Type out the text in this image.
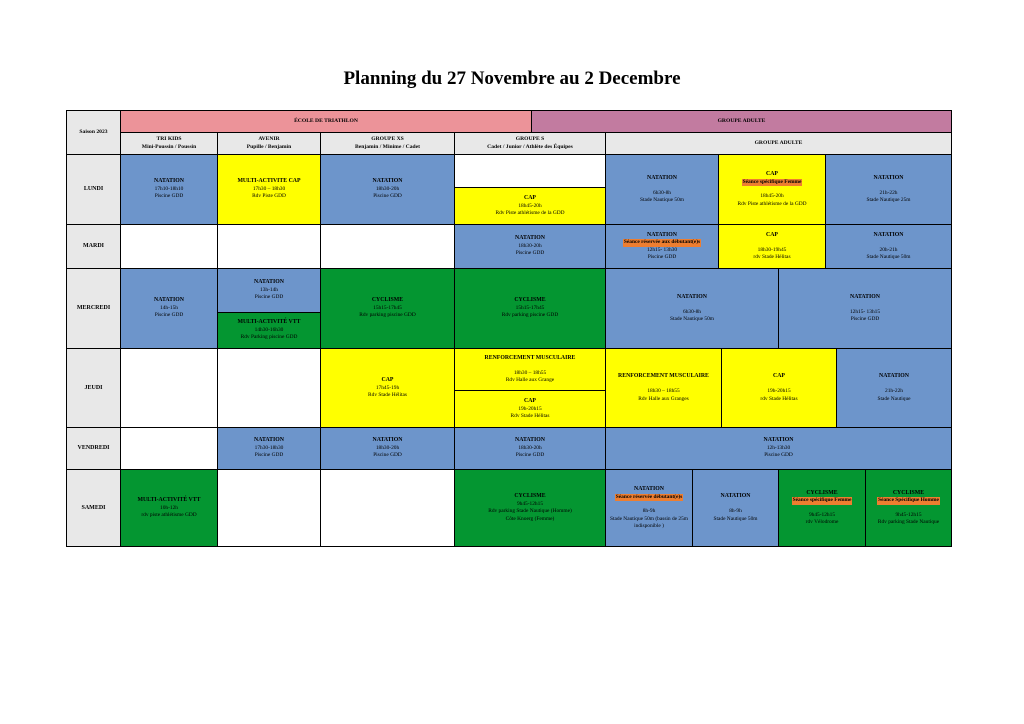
Planning du 27 Novembre au 2 Decembre
Saison 2023
ÉCOLE DE TRIATHLON	GROUPE ADULTE
TRI KIDS
Mini-Poussin / Poussin
AVENIR
Pupille / Benjamin
GROUPE XS
Benjamin / Minime / Cadet
GROUPE S
Cadet / Junior / Athlète des Équipes
GROUPE ADULTE
LUNDI
NATATION
17h10-18h10
Piscine GDD
MULTI-ACTIVITE CAP
17h30 – 18h30
Rdv Piste GDD
NATATION
18h30-20h
Piscine GDD	CAP
18h45-20h
Rdv Piste athlétisme de la GDD
NATATION

6h30-8h
Stade Nautique 50m
CAP
Séance spécifique Femme

18h45-20h
Rdv Piste athlétisme de la GDD
NATATION

21h-22h
Stade Nautique 25m
MARDI
NATATION
18h30-20h
Piscine GDD
NATATION
Séance réservée aux débutant(e)s
12h15- 13h30
Piscine GDD
CAP

18h30-19h45
rdv Stade Hélitas
NATATION

20h-21h
Stade Nautique 50m
MERCREDI
NATATION
14h-15h
Piscine GDD
NATATION
13h-14h
Piscine GDD
MULTI-ACTIVITÉ VTT
14h30-16h30
Rdv Parking piscine GDD
CYCLISME
15h15-17h45
Rdv parking piscine GDD
CYCLISME
15h15-17h45
Rdv parking piscine GDD
NATATION

6h30-8h
Stade Nautique 50m
NATATION

12h15- 13h15
Piscine GDD
JEUDI
CAP
17h45-19h
Rdv Stade Hélitas
RENFORCEMENT MUSCULAIRE

18h30 – 18h55
Rdv Halle aux Grange
CAP
19h-20h15
Rdv Stade Hélitas
RENFORCEMENT MUSCULAIRE

18h30 – 18h55
Rdv Halle aux Granges
CAP

19h-20h15
rdv Stade Hélitas
NATATION

21h-22h
Stade Nautique
VENDREDI
NATATION
17h30-18h30
Piscine GDD
NATATION
18h30-20h
Piscine GDD
NATATION
18h30-20h
Piscine GDD
NATATION
12h-13h30
Piscine GDD
SAMEDI
MULTI-ACTIVITÉ VTT
10h-12h
rdv piste athlétisme GDD
CYCLISME
9h45-12h15
Rdv parking Stade Nautique (Homme)
Côte Knoerg (Femme)
NATATION
Séance réservée débutant(e)s

8h-9h
Stade Nautique 50m (bassin de 25m indisponible )
NATATION

8h-9h
Stade Nautique 50m
CYCLISME
Séance spécifique Femme

9h45-12h15
rdv Vélodrome
CYCLISME
Séance Spécifique Homme

9h45-12h15
Rdv parking Stade Nautique
